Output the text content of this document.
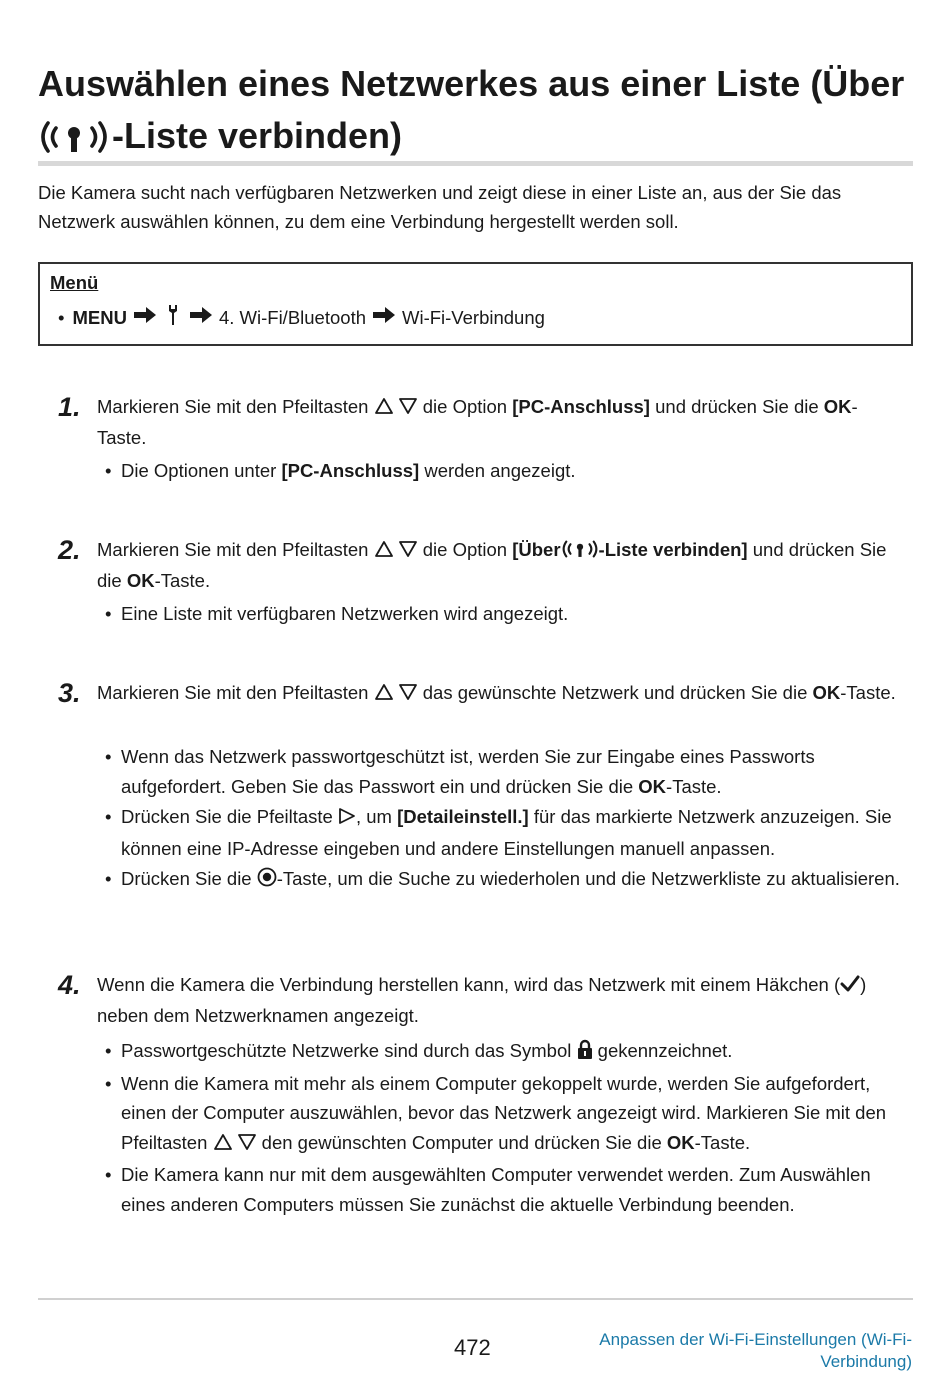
Auswählen eines Netzwerkes aus einer Liste (Über
-Liste verbinden)

Die Kamera sucht nach verfügbaren Netzwerken und zeigt diese in einer Liste an, aus der Sie das Netzwerk auswählen können, zu dem eine Verbindung hergestellt werden soll.

Menü
• MENU	4. Wi-Fi/Bluetooth Wi-Fi-Verbindung
1. Markieren Sie mit den Pfeiltasten	die Option [PC-Anschluss] und drücken Sie die OK-Taste.
• Die Optionen unter [PC-Anschluss] werden angezeigt.
2. Markieren Sie mit den Pfeiltasten	die Option [Über -Liste verbinden] und drücken Sie die OK-Taste.
• Eine Liste mit verfügbaren Netzwerken wird angezeigt.
3. Markieren Sie mit den Pfeiltasten	das gewünschte Netzwerk und drücken Sie die OK-Taste.
• Wenn das Netzwerk passwortgeschützt ist, werden Sie zur Eingabe eines Passworts aufgefordert. Geben Sie das Passwort ein und drücken Sie die OK-Taste.
• Drücken Sie die Pfeiltaste , um [Detaileinstell.] für das markierte Netzwerk anzuzeigen. Sie können eine IP-Adresse eingeben und andere Einstellungen manuell anpassen.
• Drücken Sie die -Taste, um die Suche zu wiederholen und die Netzwerkliste zu aktualisieren.
4. Wenn die Kamera die Verbindung herstellen kann, wird das Netzwerk mit einem Häkchen ( ) neben dem Netzwerknamen angezeigt.
• Passwortgeschützte Netzwerke sind durch das Symbol gekennzeichnet.
• Wenn die Kamera mit mehr als einem Computer gekoppelt wurde, werden Sie aufgefordert, einen der Computer auszuwählen, bevor das Netzwerk angezeigt wird. Markieren Sie mit den Pfeiltasten	den gewünschten Computer und drücken Sie die OK-Taste.
• Die Kamera kann nur mit dem ausgewählten Computer verwendet werden. Zum Auswählen eines anderen Computers müssen Sie zunächst die aktuelle Verbindung beenden.
472	Anpassen der Wi-Fi-Einstellungen (Wi-Fi-Verbindung)
